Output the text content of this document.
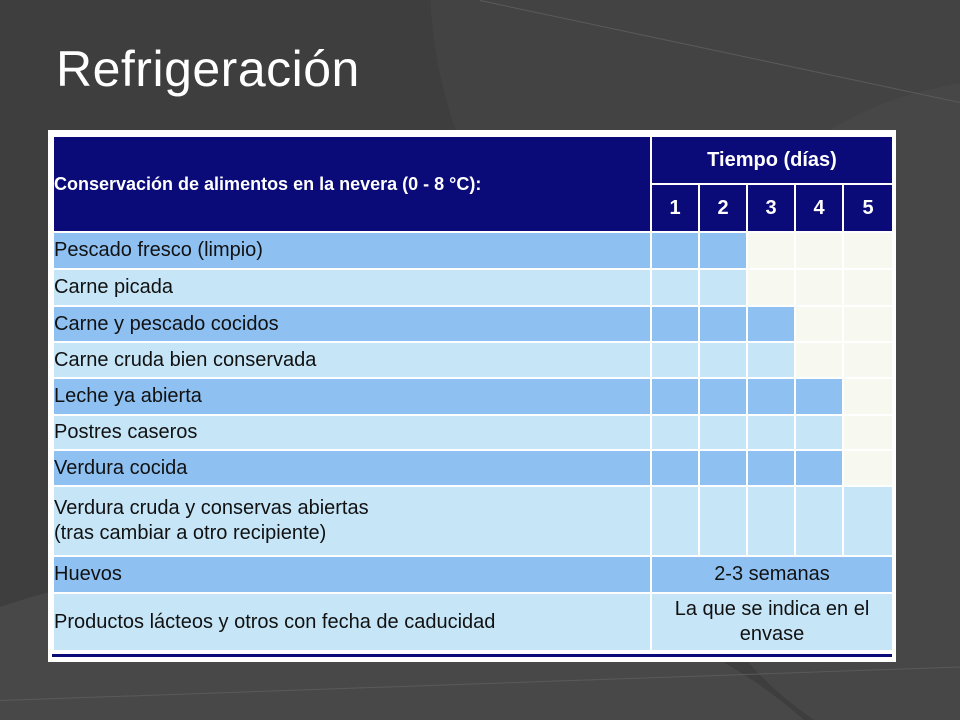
Refrigeración
Conservación de alimentos en la nevera (0 - 8 °C):	Tiempo (días)				
	1	2	3	4	5
Pescado fresco (limpio)					
Carne picada					
Carne y pescado cocidos					
Carne cruda bien conservada					
Leche ya abierta					
Postres caseros					
Verdura cocida					

Verdura cruda y conservas abiertas
(tras cambiar a otro recipiente)					

Huevos	2-3 semanas				
Productos lácteos y otros con fecha de caducidad	La que se indica en el envase				
